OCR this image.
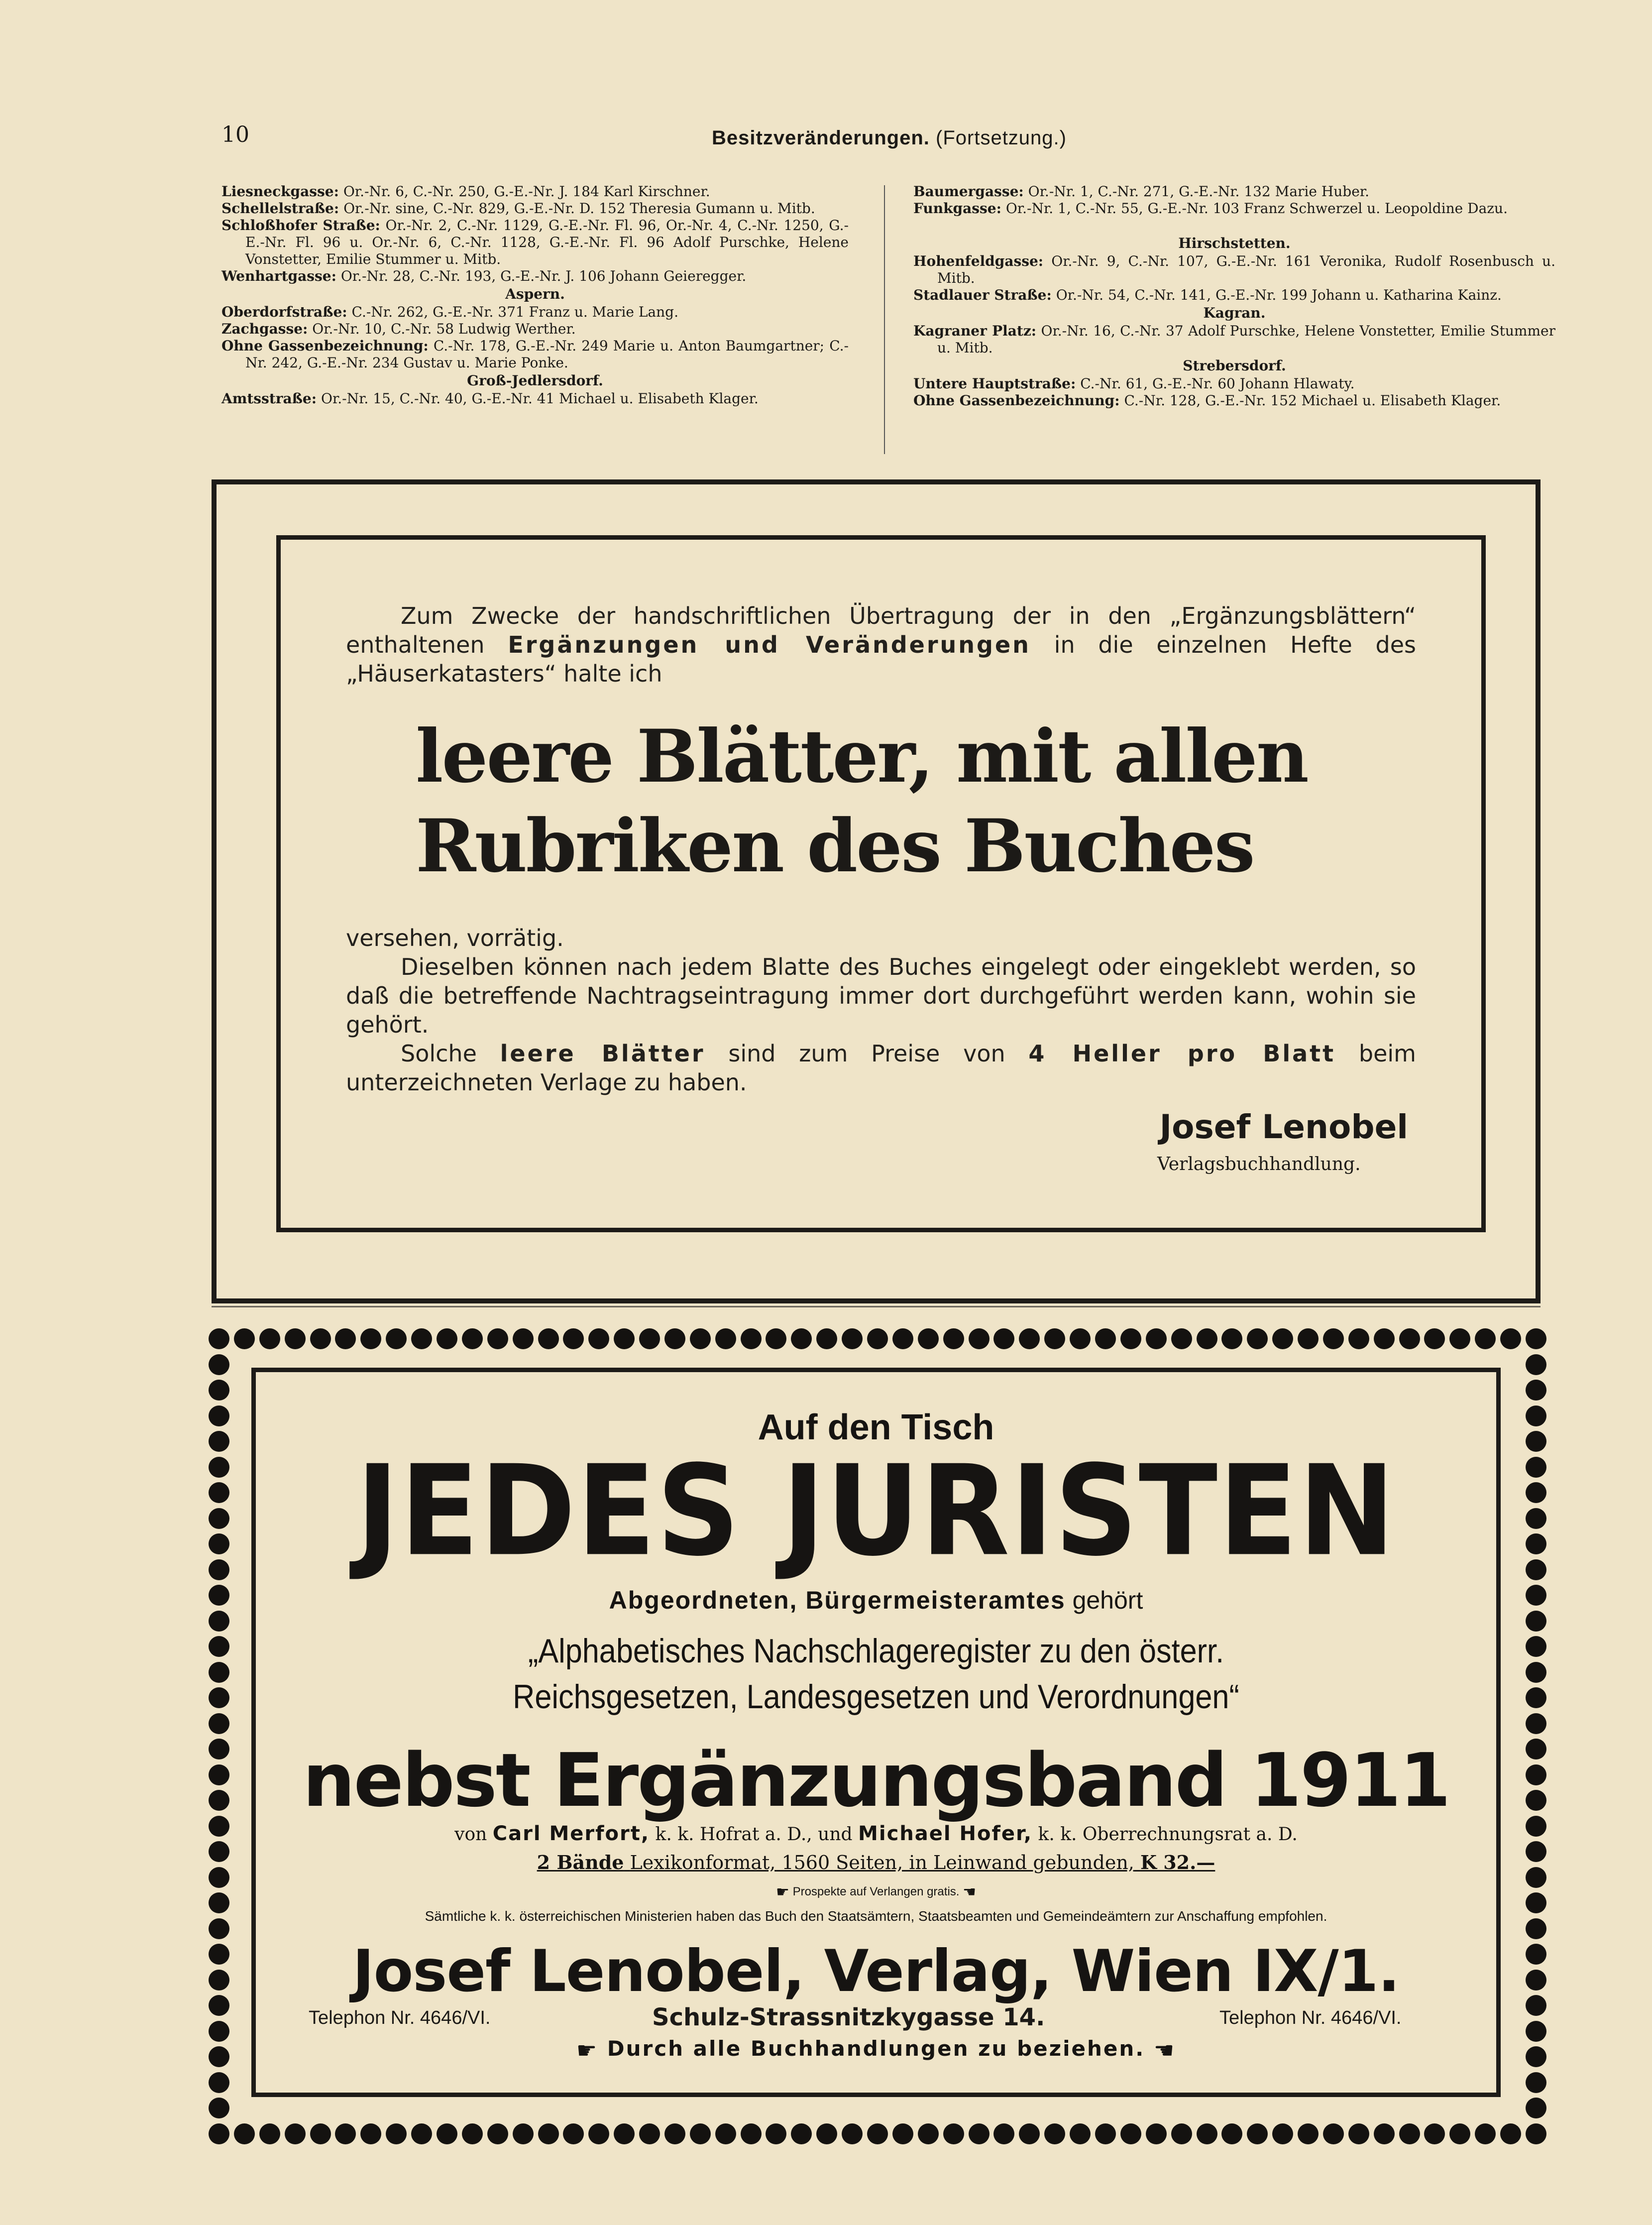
10	Besitzveränderungen. (Fortsetzung.)
Liesneckgasse: Or.-Nr. 6, C.-Nr. 250, G.-E.-Nr. J. 184 Karl Kirschner.
Schellelstraße: Or.-Nr. sine, C.-Nr. 829, G.-E.-Nr. D. 152 Theresia Gumann u. Mitb.
Schloßhofer Straße: Or.-Nr. 2, C.-Nr. 1129, G.-E.-Nr. Fl. 96, Or.-Nr. 4, C.-Nr. 1250, G.-E.-Nr. Fl. 96 u. Or.-Nr. 6, C.-Nr. 1128, G.-E.-Nr. Fl. 96 Adolf Purschke, Helene Vonstetter, Emilie Stummer u. Mitb.
Wenhartgasse: Or.-Nr. 28, C.-Nr. 193, G.-E.-Nr. J. 106 Johann Geieregger.
Aspern.
Oberdorfstraße: C.-Nr. 262, G.-E.-Nr. 371 Franz u. Marie Lang.
Zachgasse: Or.-Nr. 10, C.-Nr. 58 Ludwig Werther.
Ohne Gassenbezeichnung: C.-Nr. 178, G.-E.-Nr. 249 Marie u. Anton Baumgartner; C.-Nr. 242, G.-E.-Nr. 234 Gustav u. Marie Ponke.
Groß-Jedlersdorf.
Amtsstraße: Or.-Nr. 15, C.-Nr. 40, G.-E.-Nr. 41 Michael u. Elisabeth Klager.
Baumergasse: Or.-Nr. 1, C.-Nr. 271, G.-E.-Nr. 132 Marie Huber.
Funkgasse: Or.-Nr. 1, C.-Nr. 55, G.-E.-Nr. 103 Franz Schwerzel u. Leopoldine Dazu.
Hirschstetten.
Hohenfeldgasse: Or.-Nr. 9, C.-Nr. 107, G.-E.-Nr. 161 Veronika, Rudolf Rosenbusch u. Mitb.
Stadlauer Straße: Or.-Nr. 54, C.-Nr. 141, G.-E.-Nr. 199 Johann u. Katharina Kainz.
Kagran.
Kagraner Platz: Or.-Nr. 16, C.-Nr. 37 Adolf Purschke, Helene Vonstetter, Emilie Stummer u. Mitb.
Strebersdorf.
Untere Hauptstraße: C.-Nr. 61, G.-E.-Nr. 60 Johann Hlawaty.
Ohne Gassenbezeichnung: C.-Nr. 128, G.-E.-Nr. 152 Michael u. Elisabeth Klager.
Zum Zwecke der handschriftlichen Übertragung der in den „Ergänzungsblättern“ enthaltenen Ergänzungen und Veränderungen in die einzelnen Hefte des „Häuserkatasters“ halte ich
leere Blätter, mit allen
Rubriken des Buches
versehen, vorrätig.
Dieselben können nach jedem Blatte des Buches eingelegt oder eingeklebt werden, so daß die betreffende Nachtragseintragung immer dort durchgeführt werden kann, wohin sie gehört.
Solche leere Blätter sind zum Preise von 4 Heller pro Blatt beim unterzeichneten Verlage zu haben.
Josef Lenobel
Verlagsbuchhandlung.
Auf den Tisch
JEDES JURISTEN
Abgeordneten, Bürgermeisteramtes gehört
„Alphabetisches Nachschlageregister zu den österr.
Reichsgesetzen, Landesgesetzen und Verordnungen“
nebst Ergänzungsband 1911
von Carl Merfort, k. k. Hofrat a. D., und Michael Hofer, k. k. Oberrechnungsrat a. D.
2 Bände Lexikonformat, 1560 Seiten, in Leinwand gebunden, K 32.—
☛ Prospekte auf Verlangen gratis. ☚
Sämtliche k. k. österreichischen Ministerien haben das Buch den Staatsämtern, Staatsbeamten und Gemeindeämtern zur Anschaffung empfohlen.
Josef Lenobel, Verlag, Wien IX/1.
Telephon Nr. 4646/VI.	Schulz-Strassnitzkygasse 14.	Telephon Nr. 4646/VI.
☛ Durch alle Buchhandlungen zu beziehen. ☚
